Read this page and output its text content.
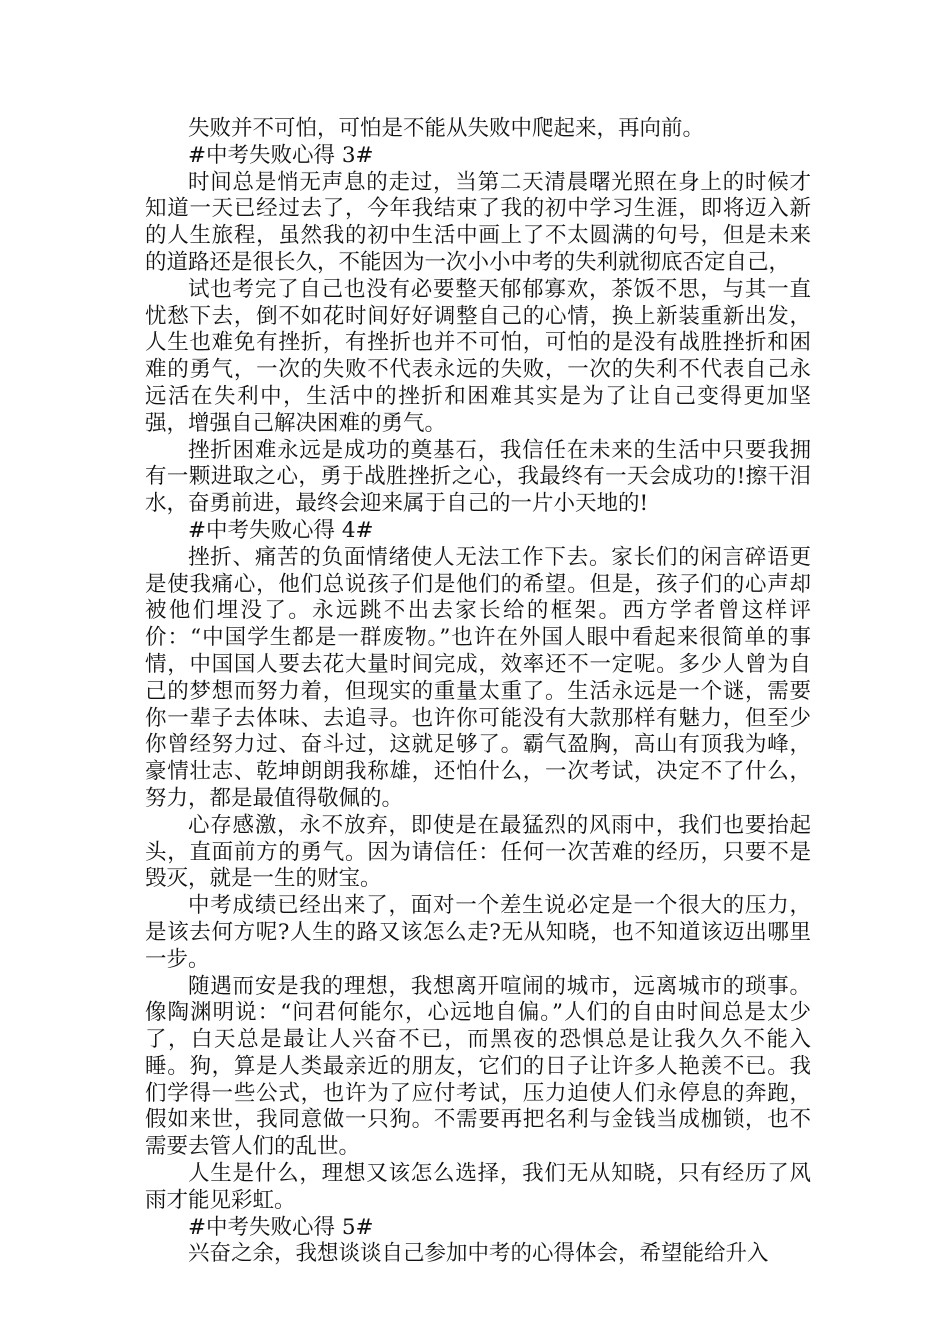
失败并不可怕，可怕是不能从失败中爬起来，再向前。

#中考失败心得 3#

时间总是悄无声息的走过，当第二天清晨曙光照在身上的时候才知道一天已经过去了，今年我结束了我的初中学习生涯，即将迈入新的人生旅程，虽然我的初中生活中画上了不太圆满的句号，但是未来的道路还是很长久，不能因为一次小小中考的失利就彻底否定自己，

试也考完了自己也没有必要整天郁郁寡欢，茶饭不思，与其一直忧愁下去，倒不如花时间好好调整自己的心情，换上新装重新出发，人生也难免有挫折，有挫折也并不可怕，可怕的是没有战胜挫折和困难的勇气，一次的失败不代表永远的失败，一次的失利不代表自己永远活在失利中，生活中的挫折和困难其实是为了让自己变得更加坚强，增强自己解决困难的勇气。

挫折困难永远是成功的奠基石，我信任在未来的生活中只要我拥有一颗进取之心，勇于战胜挫折之心，我最终有一天会成功的!擦干泪水，奋勇前进，最终会迎来属于自己的一片小天地的!

#中考失败心得 4#

挫折、痛苦的负面情绪使人无法工作下去。家长们的闲言碎语更是使我痛心，他们总说孩子们是他们的希望。但是，孩子们的心声却被他们埋没了。永远跳不出去家长给的框架。西方学者曾这样评价：“中国学生都是一群废物。”也许在外国人眼中看起来很简单的事情，中国国人要去花大量时间完成，效率还不一定呢。多少人曾为自己的梦想而努力着，但现实的重量太重了。生活永远是一个谜，需要你一辈子去体味、去追寻。也许你可能没有大款那样有魅力，但至少你曾经努力过、奋斗过，这就足够了。霸气盈胸，高山有顶我为峰，豪情壮志、乾坤朗朗我称雄，还怕什么，一次考试，决定不了什么，努力，都是最值得敬佩的。

心存感激，永不放弃，即使是在最猛烈的风雨中，我们也要抬起头，直面前方的勇气。因为请信任：任何一次苦难的经历，只要不是毁灭，就是一生的财宝。

中考成绩已经出来了，面对一个差生说必定是一个很大的压力，是该去何方呢?人生的路又该怎么走?无从知晓，也不知道该迈出哪里一步。

随遇而安是我的理想，我想离开喧闹的城市，远离城市的琐事。像陶渊明说：“问君何能尔，心远地自偏。”人们的自由时间总是太少了，白天总是最让人兴奋不已，而黑夜的恐惧总是让我久久不能入睡。狗，算是人类最亲近的朋友，它们的日子让许多人艳羡不已。我们学得一些公式，也许为了应付考试，压力迫使人们永停息的奔跑，假如来世，我同意做一只狗。不需要再把名利与金钱当成枷锁，也不需要去管人们的乱世。

人生是什么，理想又该怎么选择，我们无从知晓，只有经历了风雨才能见彩虹。

#中考失败心得 5#

兴奋之余，我想谈谈自己参加中考的心得体会，希望能给升入
